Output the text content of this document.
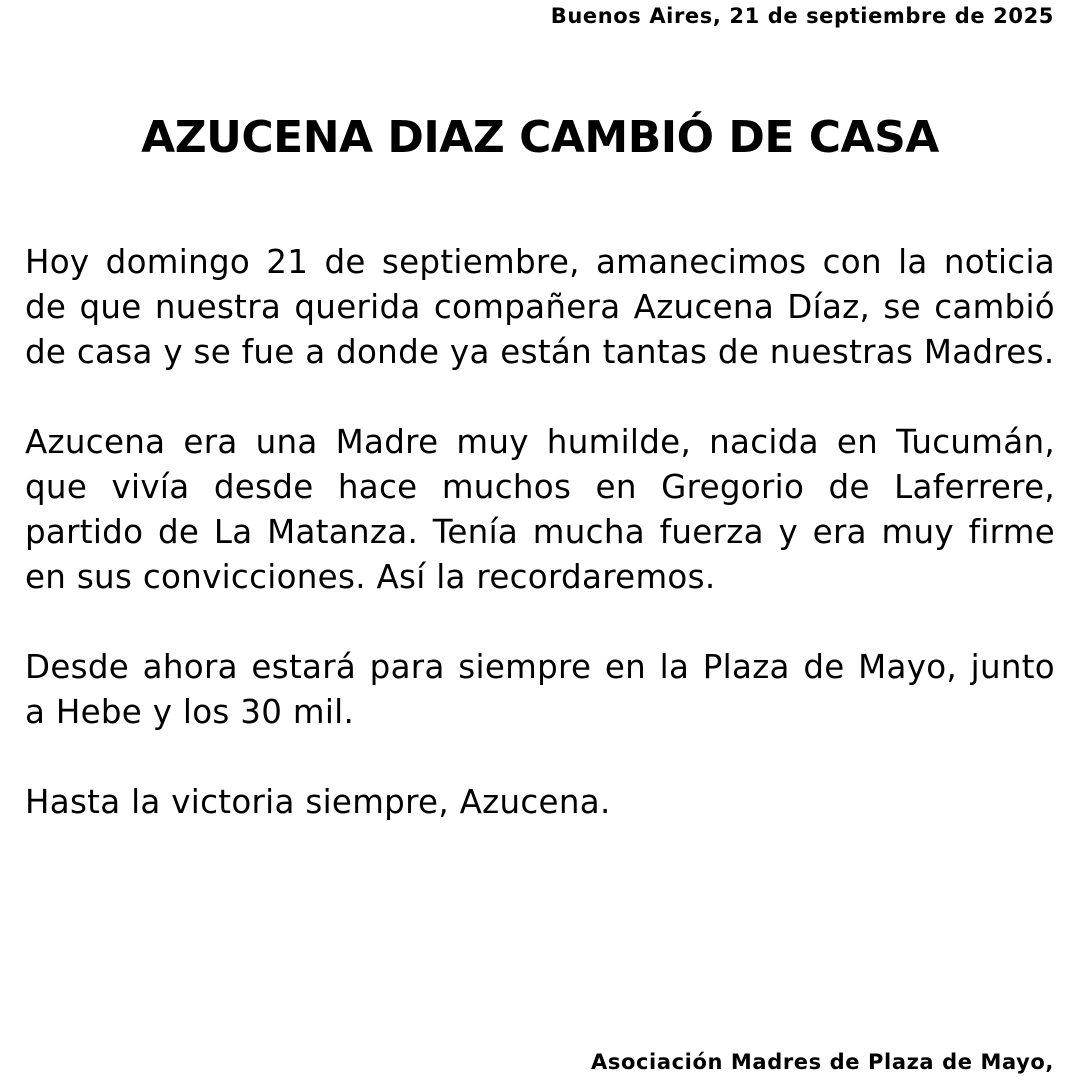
Buenos Aires, 21 de septiembre de 2025
AZUCENA DIAZ CAMBIÓ DE CASA

Hoy domingo 21 de septiembre, amanecimos con la noticia de que nuestra querida compañera Azucena Díaz, se cambió de casa y se fue a donde ya están tantas de nuestras Madres.

Azucena era una Madre muy humilde, nacida en Tucumán, que vivía desde hace muchos en Gregorio de Laferrere, partido de La Matanza. Tenía mucha fuerza y era muy firme en sus convicciones. Así la recordaremos.

Desde ahora estará para siempre en la Plaza de Mayo, junto a Hebe y los 30 mil.

Hasta la victoria siempre, Azucena.

Asociación Madres de Plaza de Mayo,
